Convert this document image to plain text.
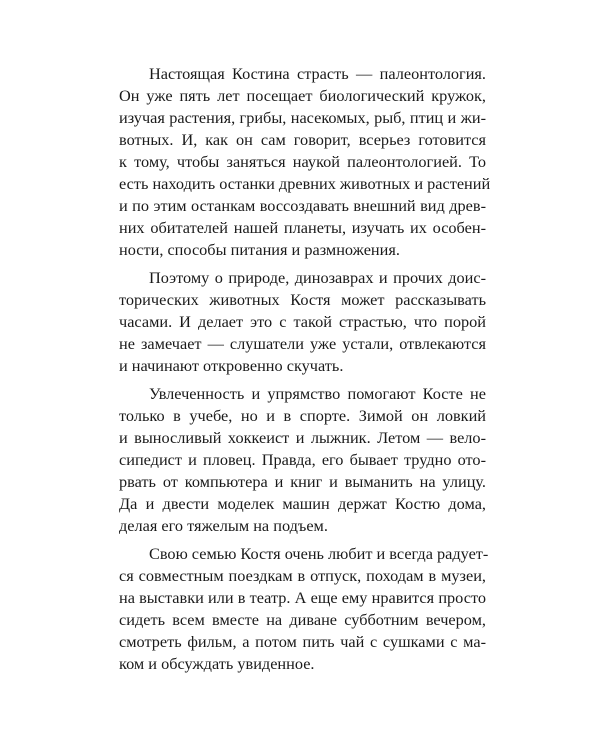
Настоящая Костина страсть — палеонтология.
Он уже пять лет посещает биологический кружок,
изучая растения, грибы, насекомых, рыб, птиц и жи-
вотных. И, как он сам говорит, всерьез готовится
к тому, чтобы заняться наукой палеонтологией. То
есть находить останки древних животных и растений
и по этим останкам воссоздавать внешний вид древ-
них обитателей нашей планеты, изучать их особен-
ности, способы питания и размножения.

Поэтому о природе, динозаврах и прочих доис-
торических животных Костя может рассказывать
часами. И делает это с такой страстью, что порой
не замечает — слушатели уже устали, отвлекаются
и начинают откровенно скучать.

Увлеченность и упрямство помогают Косте не
только в учебе, но и в спорте. Зимой он ловкий
и выносливый хоккеист и лыжник. Летом — вело-
сипедист и пловец. Правда, его бывает трудно ото-
рвать от компьютера и книг и выманить на улицу.
Да и двести моделек машин держат Костю дома,
делая его тяжелым на подъем.

Свою семью Костя очень любит и всегда радует-
ся совместным поездкам в отпуск, походам в музеи,
на выставки или в театр. А еще ему нравится просто
сидеть всем вместе на диване субботним вечером,
смотреть фильм, а потом пить чай с сушками с ма-
ком и обсуждать увиденное.
